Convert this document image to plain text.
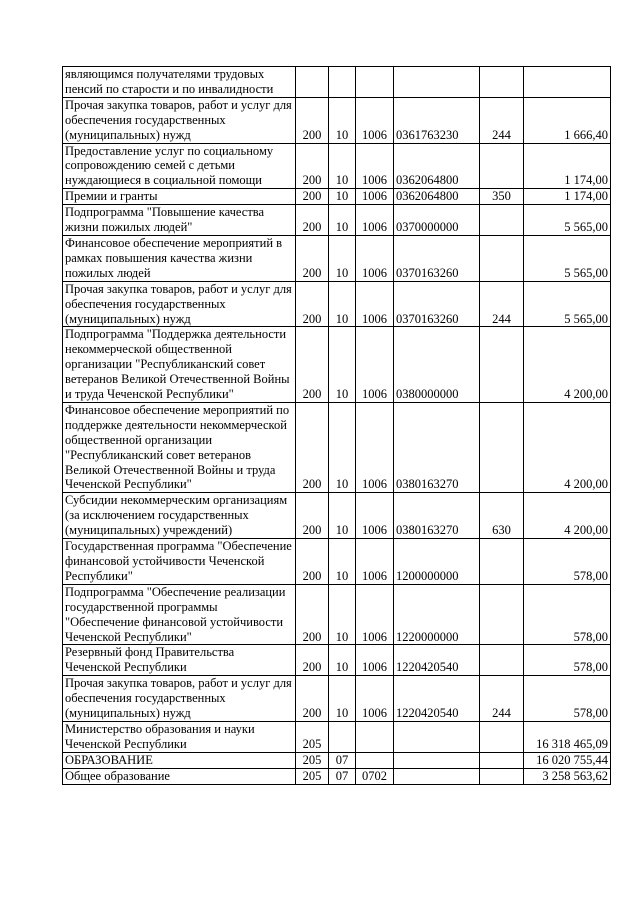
являющимся получателями трудовых пенсий по старости и по инвалидности						
Прочая закупка товаров, работ и услуг для обеспечения государственных (муниципальных) нужд	200	10	1006	0361763230	244	1 666,40
Предоставление услуг по социальному сопровождению семей с детьми нуждающиеся в социальной помощи	200	10	1006	0362064800		1 174,00
Премии и гранты	200	10	1006	0362064800	350	1 174,00
Подпрограмма "Повышение качества жизни пожилых людей"	200	10	1006	0370000000		5 565,00
Финансовое обеспечение мероприятий в рамках повышения качества жизни пожилых людей	200	10	1006	0370163260		5 565,00
Прочая закупка товаров, работ и услуг для обеспечения государственных (муниципальных) нужд	200	10	1006	0370163260	244	5 565,00
Подпрограмма "Поддержка деятельности некоммерческой общественной организации "Республиканский совет ветеранов Великой Отечественной Войны и труда Чеченской Республики"	200	10	1006	0380000000		4 200,00
Финансовое обеспечение мероприятий по поддержке деятельности некоммерческой общественной организации "Республиканский совет ветеранов Великой Отечественной Войны и труда Чеченской Республики"	200	10	1006	0380163270		4 200,00
Субсидии некоммерческим организациям (за исключением государственных (муниципальных) учреждений)	200	10	1006	0380163270	630	4 200,00
Государственная программа "Обеспечение финансовой устойчивости Чеченской Республики"	200	10	1006	1200000000		578,00
Подпрограмма "Обеспечение реализации государственной программы "Обеспечение финансовой устойчивости Чеченской Республики"	200	10	1006	1220000000		578,00
Резервный фонд Правительства Чеченской Республики	200	10	1006	1220420540		578,00
Прочая закупка товаров, работ и услуг для обеспечения государственных (муниципальных) нужд	200	10	1006	1220420540	244	578,00
Министерство образования и науки Чеченской Республики	205					16 318 465,09
ОБРАЗОВАНИЕ	205	07				16 020 755,44
Общее образование	205	07	0702			3 258 563,62
